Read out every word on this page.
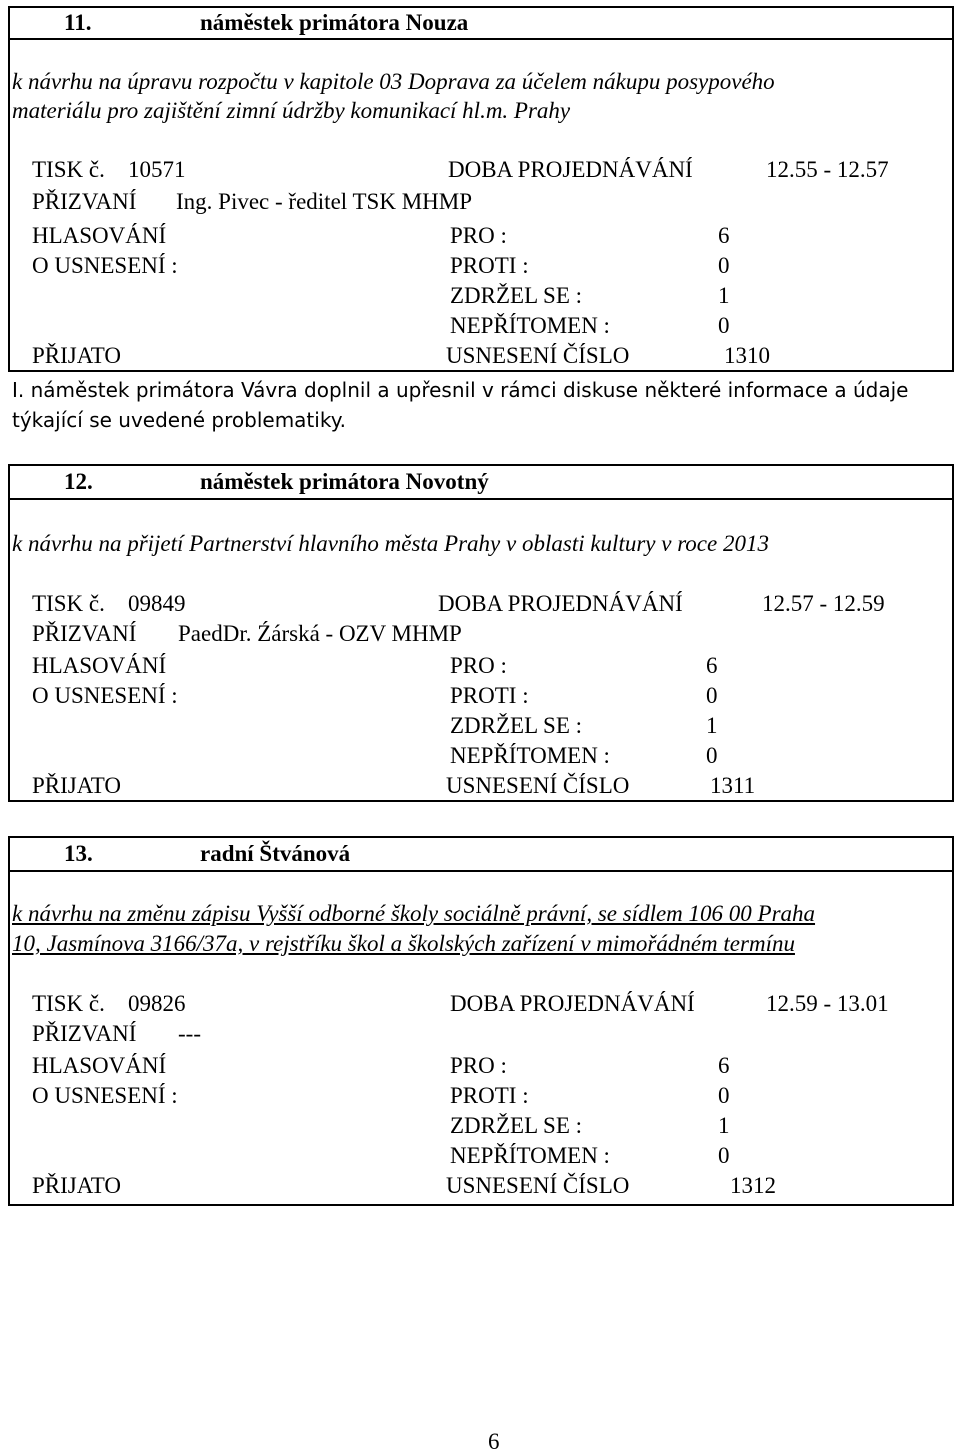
11.	náměstek primátora Nouza
k návrhu na úpravu rozpočtu v kapitole 03 Doprava za účelem nákupu posypového
materiálu pro zajištění zimní údržby komunikací hl.m. Prahy
TISK č. 10571	DOBA PROJEDNÁVÁNÍ	12.55 - 12.57
PŘIZVANÍ Ing. Pivec - ředitel TSK MHMP
HLASOVÁNÍ	PRO :	6
O USNESENÍ :	PROTI :	0
ZDRŽEL SE :	1
NEPŘÍTOMEN :	0
PŘIJATO	USNESENÍ ČÍSLO	1310
I. náměstek primátora Vávra doplnil a upřesnil v rámci diskuse některé informace a údaje
týkající se uvedené problematiky.
12.	náměstek primátora Novotný
k návrhu na přijetí Partnerství hlavního města Prahy v oblasti kultury v roce 2013
TISK č. 09849	DOBA PROJEDNÁVÁNÍ	12.57 - 12.59
PŘIZVANÍ PaedDr. Źárská - OZV MHMP
HLASOVÁNÍ	PRO :	6
O USNESENÍ :	PROTI :	0
ZDRŽEL SE :	1
NEPŘÍTOMEN :	0
PŘIJATO	USNESENÍ ČÍSLO	1311
13.	radní Štvánová
k návrhu na změnu zápisu Vyšší odborné školy sociálně právní, se sídlem 106 00 Praha
10, Jasmínova 3166/37a, v rejstříku škol a školských zařízení v mimořádném termínu
TISK č. 09826	DOBA PROJEDNÁVÁNÍ	12.59 - 13.01
PŘIZVANÍ ---
HLASOVÁNÍ	PRO :	6
O USNESENÍ :	PROTI :	0
ZDRŽEL SE :	1
NEPŘÍTOMEN :	0
PŘIJATO	USNESENÍ ČÍSLO	1312
6
